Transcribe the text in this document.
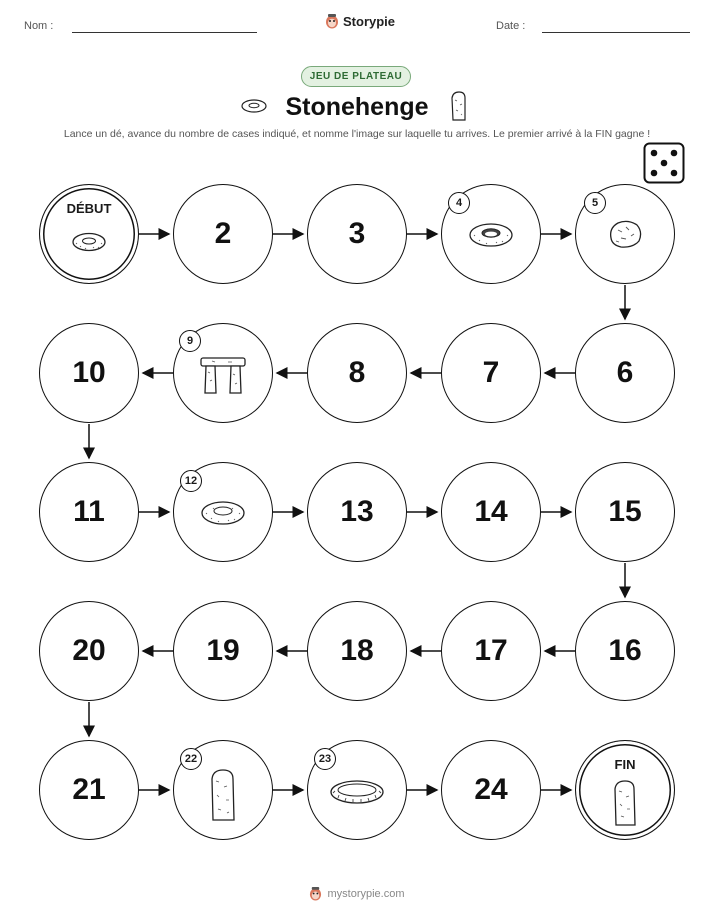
Nom :	Storypie	Date :
JEU DE PLATEAU
Stonehenge
Lance un dé, avance du nombre de cases indiqué, et nomme l'image sur laquelle tu arrives. Le premier arrivé à la FIN gagne !
DÉBUT
2	3
4	5
6
7
8
9
10
11
12
13	14	15
16
17
18
19
20
21
22	23
24
FIN
mystorypie.com
